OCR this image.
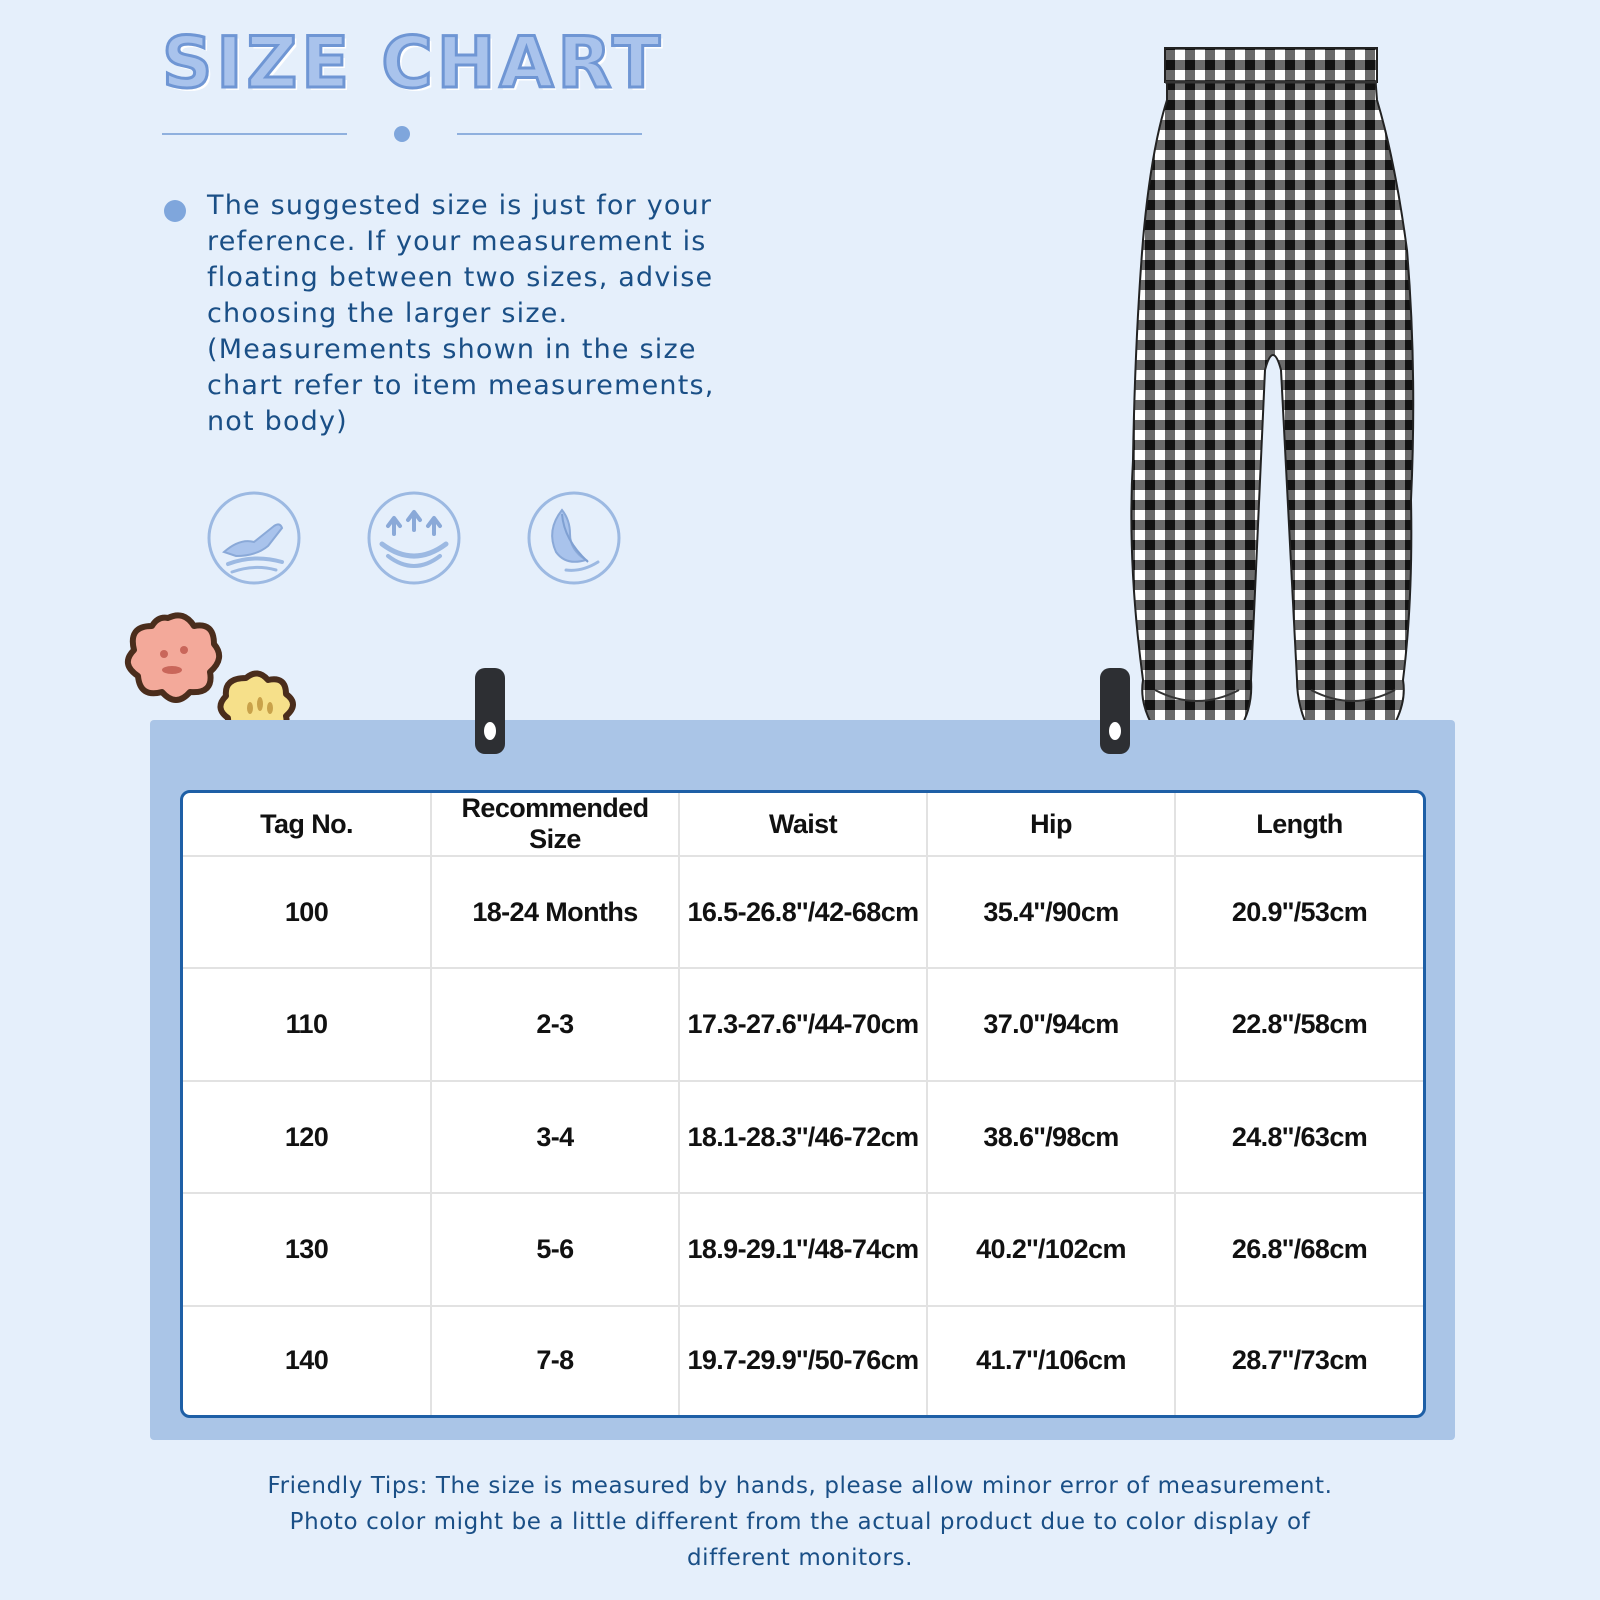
SIZE CHART

The suggested size is just for your
reference. If your measurement is
floating between two sizes, advise
choosing the larger size.
(Measurements shown in the size
chart refer to item measurements,
not body)

Tag No.	Recommended Size	Waist	Hip	Length
100	18-24 Months	16.5-26.8''/42-68cm	35.4''/90cm	20.9''/53cm
110	2-3	17.3-27.6''/44-70cm	37.0''/94cm	22.8''/58cm
120	3-4	18.1-28.3''/46-72cm	38.6''/98cm	24.8''/63cm
130	5-6	18.9-29.1''/48-74cm	40.2''/102cm	26.8''/68cm
140	7-8	19.7-29.9''/50-76cm	41.7''/106cm	28.7''/73cm

Friendly Tips: The size is measured by hands, please allow minor error of measurement.
Photo color might be a little different from the actual product due to color display of
different monitors.
